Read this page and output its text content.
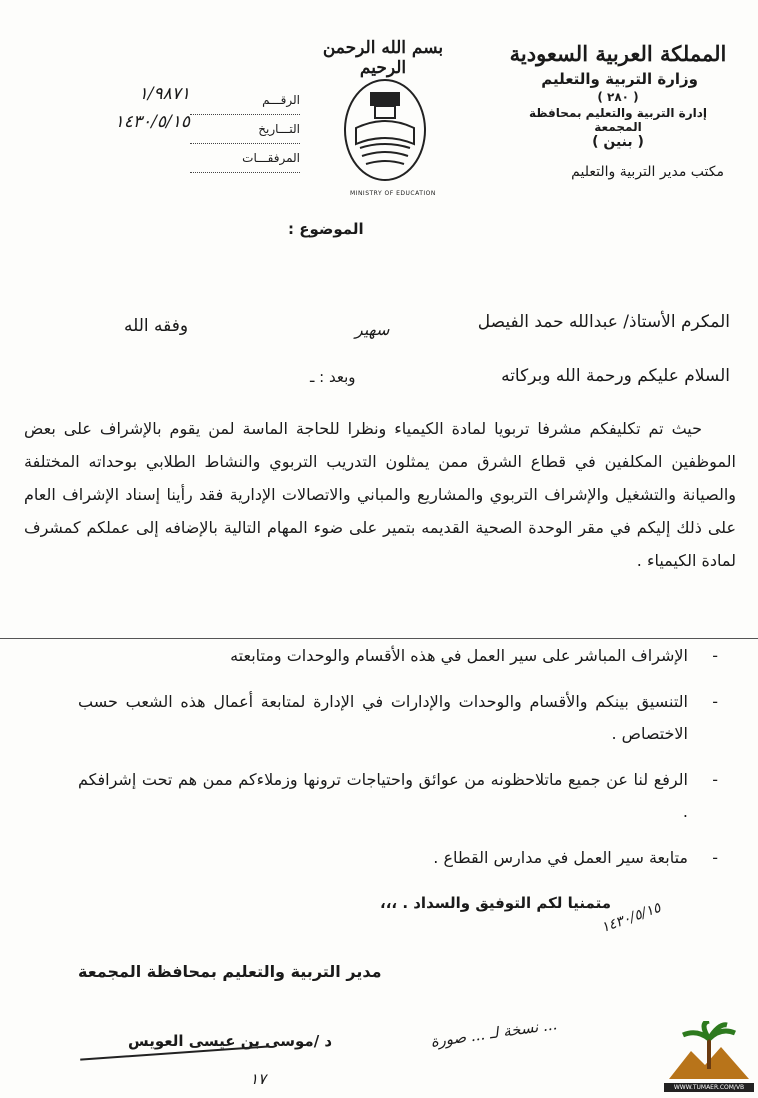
المملكة العربية السعودية
وزارة التربية والتعليم
( ٢٨٠ )
إدارة التربية والتعليم بمحافظة المجمعة
( بنين )
مكتب مدير التربية والتعليم
بسم الله الرحمن الرحيم
MINISTRY OF EDUCATION
الرقـــم
التـــاريخ
المرفقـــات
١/٩٨٧١
١٤٣٠/٥/١٥
الموضوع :
المكرم الأستاذ/ عبدالله حمد الفيصل
سهير
وفقه الله
السلام عليكم ورحمة الله وبركاته
وبعد : ـ
حيث تم تكليفكم مشرفا تربويا لمادة الكيمياء ونظرا للحاجة الماسة لمن يقوم بالإشراف على بعض الموظفين المكلفين في قطاع الشرق ممن يمثلون التدريب التربوي والنشاط الطلابي بوحداته المختلفة والصيانة والتشغيل والإشراف التربوي والمشاريع والمباني والاتصالات الإدارية فقد رأينا إسناد الإشراف العام على ذلك إليكم في مقر الوحدة الصحية القديمه بتمير على ضوء المهام التالية بالإضافه إلى عملكم كمشرف لمادة الكيمياء .
-
الإشراف المباشر على سير العمل في هذه الأقسام والوحدات ومتابعته
-
التنسيق بينكم والأقسام والوحدات والإدارات في الإدارة لمتابعة أعمال هذه الشعب حسب الاختصاص .
-
الرفع لنا عن جميع ماتلاحظونه من عوائق واحتياجات ترونها وزملاءكم ممن هم تحت إشرافكم .
-
متابعة سير العمل في مدارس القطاع .
متمنيا لكم التوفيق والسداد . ،،،
مدير التربية والتعليم بمحافظة المجمعة
د /موسى بن عيسى العويس
١٤٣٠/٥/١٥
نسخة لـ ... صورة ...
١٧	WWW.TUMAER.COM/VB
